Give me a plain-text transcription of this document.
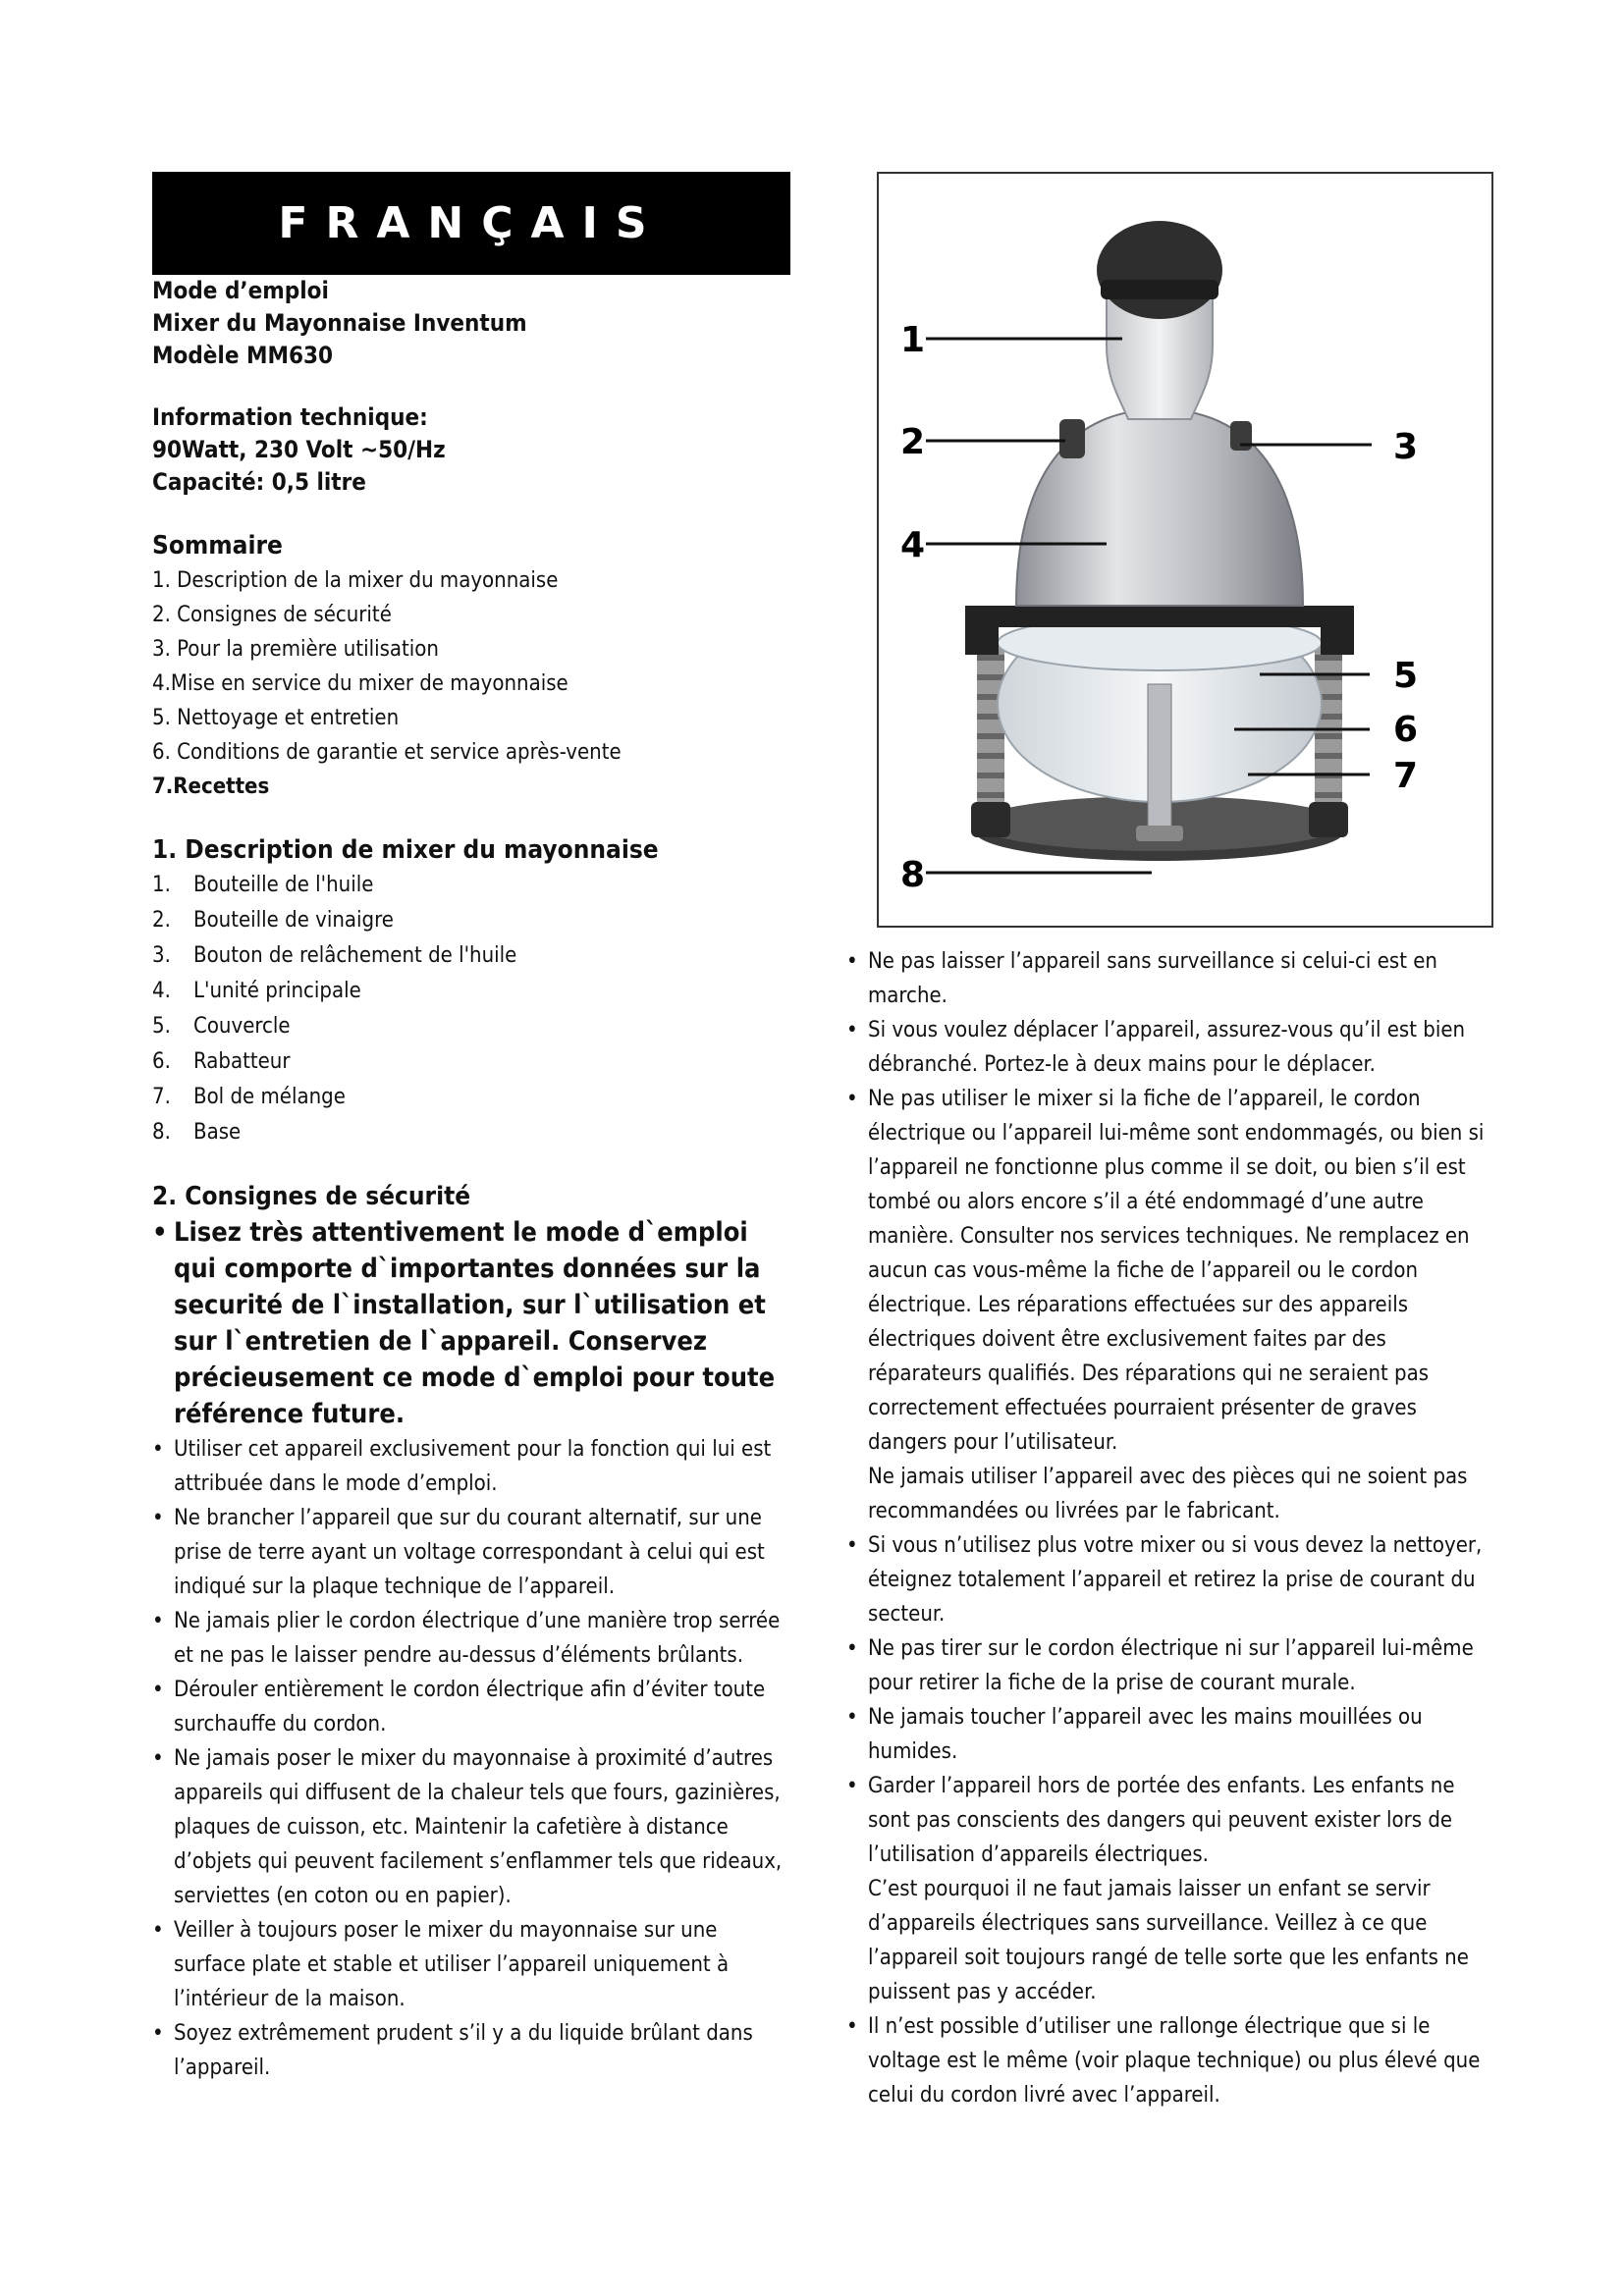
FRANÇAIS
Mode d’emploi
Mixer du Mayonnaise Inventum
Modèle MM630
Information technique:
90Watt, 230 Volt ~50/Hz
Capacité: 0,5 litre
Sommaire
1. Description de la mixer du mayonnaise
2. Consignes de sécurité
3. Pour la première utilisation
4.Mise en service du mixer de mayonnaise
5. Nettoyage et entretien
6. Conditions de garantie et service après-vente
7.Recettes
1. Description de mixer du mayonnaise
1. Bouteille de l'huile
2. Bouteille de vinaigre
3. Bouton de relâchement de l'huile
4. L'unité principale
5. Couvercle
6. Rabatteur
7. Bol de mélange
8. Base
2. Consignes de sécurité
• Lisez très attentivement le mode d`emploi qui comporte d`importantes données sur la securité de l`installation, sur l`utilisation et sur l`entretien de l`appareil. Conservez précieusement ce mode d`emploi pour toute référence future.
• Utiliser cet appareil exclusivement pour la fonction qui lui est attribuée dans le mode d’emploi.
• Ne brancher l’appareil que sur du courant alternatif, sur une prise de terre ayant un voltage correspondant à celui qui est indiqué sur la plaque technique de l’appareil.
• Ne jamais plier le cordon électrique d’une manière trop serrée et ne pas le laisser pendre au-dessus d’éléments brûlants.
• Dérouler entièrement le cordon électrique afin d’éviter toute surchauffe du cordon.
• Ne jamais poser le mixer du mayonnaise à proximité d’autres appareils qui diffusent de la chaleur tels que fours, gazinières, plaques de cuisson, etc. Maintenir la cafetière à distance d’objets qui peuvent facilement s’enflammer tels que rideaux, serviettes (en coton ou en papier).
• Veiller à toujours poser le mixer du mayonnaise sur une surface plate et stable et utiliser l’appareil uniquement à l’intérieur de la maison.
• Soyez extrêmement prudent s’il y a du liquide brûlant dans l’appareil.
1
2	3
4
5
6
7
8
• Ne pas laisser l’appareil sans surveillance si celui-ci est en marche.
• Si vous voulez déplacer l’appareil, assurez-vous qu’il est bien débranché. Portez-le à deux mains pour le déplacer.
• Ne pas utiliser le mixer si la fiche de l’appareil, le cordon électrique ou l’appareil lui-même sont endommagés, ou bien si l’appareil ne fonctionne plus comme il se doit, ou bien s’il est tombé ou alors encore s’il a été endommagé d’une autre manière. Consulter nos services techniques. Ne remplacez en aucun cas vous-même la fiche de l’appareil ou le cordon électrique. Les réparations effectuées sur des appareils électriques doivent être exclusivement faites par des réparateurs qualifiés. Des réparations qui ne seraient pas correctement effectuées pourraient présenter de graves dangers pour l’utilisateur.
Ne jamais utiliser l’appareil avec des pièces qui ne soient pas recommandées ou livrées par le fabricant.
• Si vous n’utilisez plus votre mixer ou si vous devez la nettoyer, éteignez totalement l’appareil et retirez la prise de courant du secteur.
• Ne pas tirer sur le cordon électrique ni sur l’appareil lui-même pour retirer la fiche de la prise de courant murale.
• Ne jamais toucher l’appareil avec les mains mouillées ou humides.
• Garder l’appareil hors de portée des enfants. Les enfants ne sont pas conscients des dangers qui peuvent exister lors de l’utilisation d’appareils électriques.
C’est pourquoi il ne faut jamais laisser un enfant se servir d’appareils électriques sans surveillance. Veillez à ce que l’appareil soit toujours rangé de telle sorte que les enfants ne puissent pas y accéder.
• Il n’est possible d’utiliser une rallonge électrique que si le voltage est le même (voir plaque technique) ou plus élevé que celui du cordon livré avec l’appareil.
